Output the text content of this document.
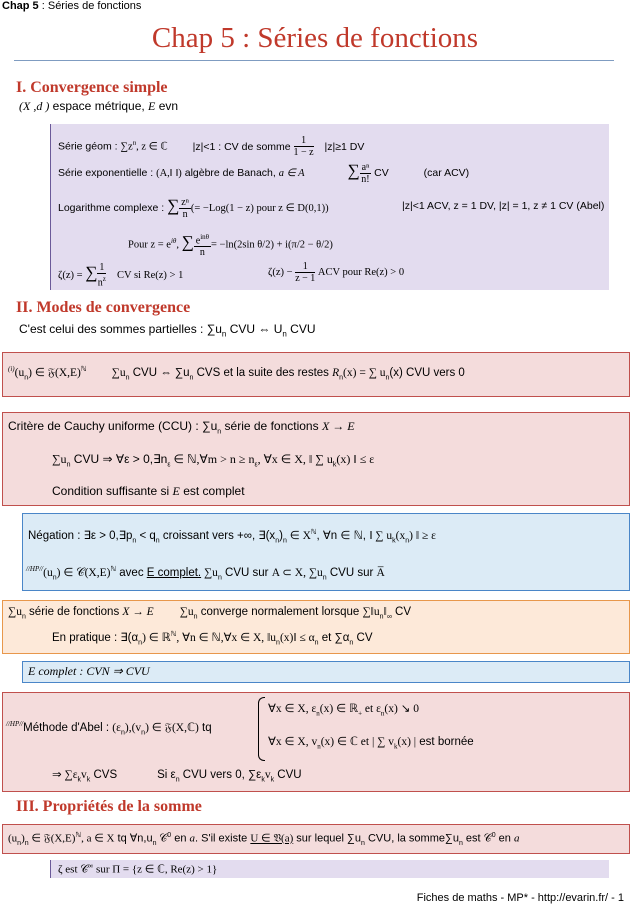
Chap 5 : Séries de fonctions
Chap 5 : Séries de fonctions
I. Convergence simple
(X ,d ) espace métrique, E evn
Série géom : $\sum z^n$, z ∈ ℂ |z|<1 : CV de somme $\frac{1}{1 - z} |z|\ge 1$ DV
Série exponentielle : (A,‖ ‖) algèbre de Banach, a ∈ A	∑ $\frac{\text{aⁿ}}{n!}$ CV	(car ACV)
Logarithme complexe : ∑ $\frac{\text{zⁿ}}{n}$ (= −Log(1 − z) pour z ∈ D(0,1))	|z|<1 ACV, z = 1 DV, |z| = 1, z ≠ 1 CV (Abel)
Pour $z = e^{i\theta}$, ∑ $\frac{e^{in\theta}}{n} = -\ln(2\sin$ θ/2) + i(π/2 − θ/2)
ζ(z) = ∑ $\frac{1}{n^z}$ CV si Re(z) > 1	$\zeta(z) - \frac{1}{z - 1}$ ACV pour Re(z) > 0
II. Modes de convergence
C'est celui des sommes partielles : $\sum u_n$ CVU ⇔ $U_n$ CVU
$^{(i)}(u_n)$ ∈ $𝔉(X,E)^ℕ$ $\sum u_n$ CVU ⇔ $\sum u_n$ CVS et la suite des restes $R_n(x)$ = ∑ $u_n(x)$ CVU vers 0
Critère de Cauchy uniforme (CCU) : $\sum u_n$ série de fonctions X → E
$\sum u_n$ CVU ⇒ ∀ε > $0,\exists n_\varepsilon$ ∈ ℕ,∀m > $n \ge n_\varepsilon$, ∀x ∈ X, ‖ ∑ $u_k(x)$ ‖ ≤ ε
Condition suffisante si E est complet
Négation : ∃ε > $0,\exists p_n < q_n$ croissant vers +∞, $\exists(x_n)_n$ ∈ $X^ℕ$, ∀n ∈ ℕ, ‖ ∑ $u_k(x_n)$ ‖ ≥ ε
$^{//HP//}(u_n)$ ∈ $𝒞(X,E)^ℕ$ avec E complet. $\sum u_n$ CVU sur A ⊂ X, $\sum u_n$ CVU sur A̅
$\sum u_n$ série de fonctions X → E $\sum u_n$ converge normalement lorsque $\sum‖u_n‖_\infty$ CV
En pratique : $\exists(\alpha_n)$ ∈ ℝ$^ℕ$, ∀n ∈ ℕ,∀x ∈ X, $‖u_n(x)‖ \le \alpha_n$ et $\sum\alpha_n$ CV
E complet : CVN ⇒ CVU
$^{//HP//}$Méthode d'Abel : $(\varepsilon_n),(v_n)$ ∈ 𝔉(X,ℂ) tq
∀x ∈ X, $\varepsilon_n(x)$ ∈ ℝ$_+$ et $\varepsilon_n(x)$ ↘ 0
∀x ∈ X, $v_n(x)$ ∈ ℂ et | ∑ $v_k(x)$ | est bornée
⇒ $\sum\varepsilon_kv_k$ CVS	Si $\varepsilon_n$ CVU vers 0, $\sum\varepsilon_kv_k$ CVU
III. Propriétés de la somme
$(u_n)_n$ ∈ $𝔉(X,E)^ℕ$, a ∈ X tq $\forall n,u_n$ 𝒞$^0$ en a. S'il existe U ∈ 𝔙(a) sur lequel $\sum u_n$ CVU, la $somme\sum u_n$ est 𝒞$^0$ en a
ζ est 𝒞∞ sur Π = {z ∈ ℂ, Re(z) > 1}
Fiches de maths - MP* - http://evarin.fr/ - 1
